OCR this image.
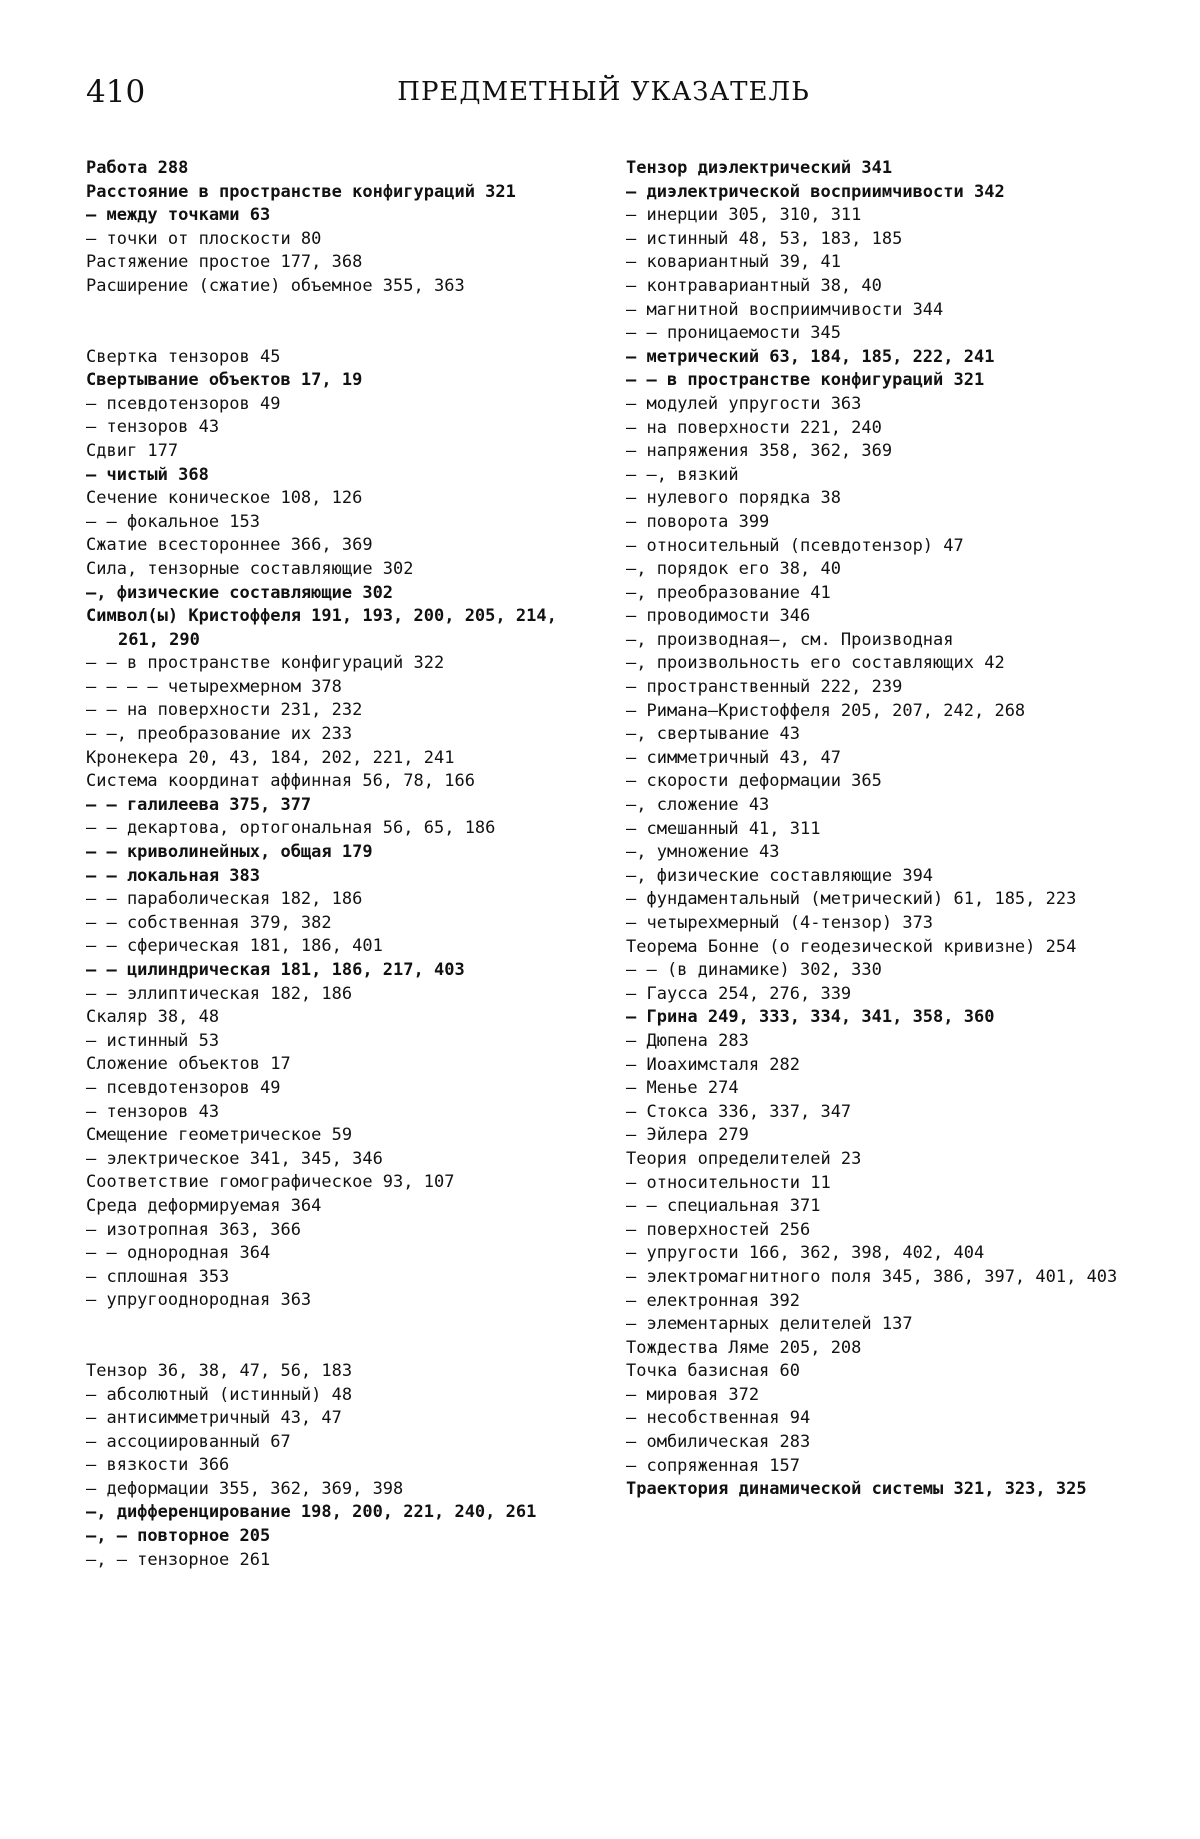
410	ПРЕДМЕТНЫЙ УКАЗАТЕЛЬ

Работа 288

Расстояние в пространстве конфигураций 321

— между точками 63

— точки от плоскости 80

Растяжение простое 177, 368

Расширение (сжатие) объемное 355, 363

Свертка тензоров 45

Свертывание объектов 17, 19

— псевдотензоров 49

— тензоров 43

Сдвиг 177

— чистый 368

Сечение коническое 108, 126

— — фокальное 153

Сжатие всестороннее 366, 369

Сила, тензорные составляющие 302

—, физические составляющие 302

Символ(ы) Кристоффеля 191, 193, 200, 205, 214, 261, 290

— — в пространстве конфигураций 322

— — — — четырехмерном 378

— — на поверхности 231, 232

— —, преобразование их 233

Кронекера 20, 43, 184, 202, 221, 241

Система координат аффинная 56, 78, 166

— — галилеева 375, 377

— — декартова, ортогональная 56, 65, 186

— — криволинейных, общая 179

— — локальная 383

— — параболическая 182, 186

— — собственная 379, 382

— — сферическая 181, 186, 401

— — цилиндрическая 181, 186, 217, 403

— — эллиптическая 182, 186

Скаляр 38, 48

— истинный 53

Сложение объектов 17

— псевдотензоров 49

— тензоров 43

Смещение геометрическое 59

— электрическое 341, 345, 346

Соответствие гомографическое 93, 107

Среда деформируемая 364

— изотропная 363, 366

— — однородная 364

— сплошная 353

— упругооднородная 363

Тензор 36, 38, 47, 56, 183

— абсолютный (истинный) 48

— антисимметричный 43, 47

— ассоциированный 67

— вязкости 366

— деформации 355, 362, 369, 398

—, дифференцирование 198, 200, 221, 240, 261

—, — повторное 205

—, — тензорное 261

Тензор диэлектрический 341

— диэлектрической восприимчивости 342

— инерции 305, 310, 311

— истинный 48, 53, 183, 185

— ковариантный 39, 41

— контравариантный 38, 40

— магнитной восприимчивости 344

— — проницаемости 345

— метрический 63, 184, 185, 222, 241

— — в пространстве конфигураций 321

— модулей упругости 363

— на поверхности 221, 240

— напряжения 358, 362, 369

— —, вязкий

— нулевого порядка 38

— поворота 399

— относительный (псевдотензор) 47

—, порядок его 38, 40

—, преобразование 41

— проводимости 346

—, производная—, см. Производная

—, произвольность его составляющих 42

— пространственный 222, 239

— Римана—Кристоффеля 205, 207, 242, 268

—, свертывание 43

— симметричный 43, 47

— скорости деформации 365

—, сложение 43

— смешанный 41, 311

—, умножение 43

—, физические составляющие 394

— фундаментальный (метрический) 61, 185, 223

— четырехмерный (4-тензор) 373

Теорема Бонне (о геодезической кривизне) 254

— — (в динамике) 302, 330

— Гаусса 254, 276, 339

— Грина 249, 333, 334, 341, 358, 360

— Дюпена 283

— Иоахимсталя 282

— Менье 274

— Стокса 336, 337, 347

— Эйлера 279

Теория определителей 23

— относительности 11

— — специальная 371

— поверхностей 256

— упругости 166, 362, 398, 402, 404

— электромагнитного поля 345, 386, 397, 401, 403

— електронная 392

— элементарных делителей 137

Тождества Ляме 205, 208

Точка базисная 60

— мировая 372

— несобственная 94

— омбилическая 283

— сопряженная 157

Траектория динамической системы 321, 323, 325
